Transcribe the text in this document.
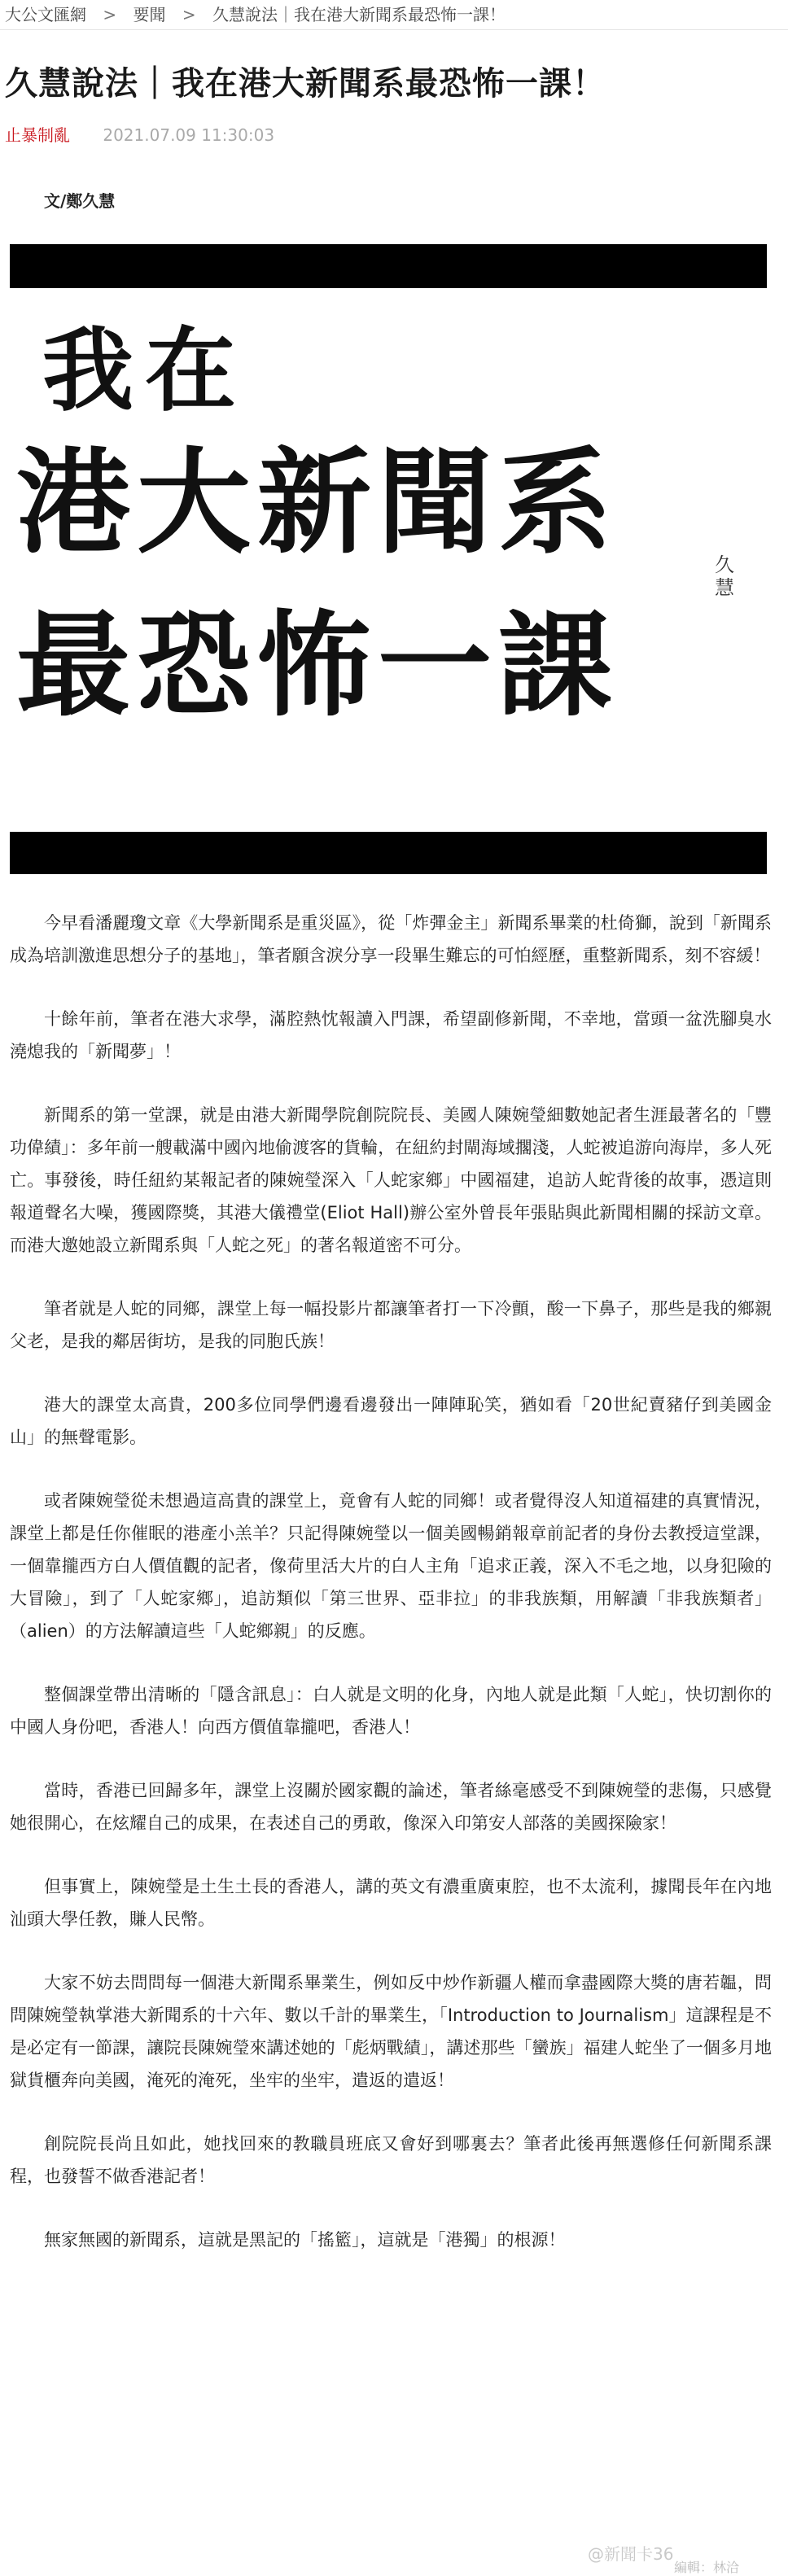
大公文匯網 > 要聞 > 久慧說法｜我在港大新聞系最恐怖一課！
久慧說法｜我在港大新聞系最恐怖一課！
止暴制亂 2021.07.09 11:30:03
文/鄭久慧
我在
港大新聞系
最恐怖一課
久慧

今早看潘麗瓊文章《大學新聞系是重災區》，從「炸彈金主」新聞系畢業的杜倚獅，說到「新聞系成為培訓激進思想分子的基地」，筆者願含淚分享一段畢生難忘的可怕經歷，重整新聞系，刻不容緩！

十餘年前，筆者在港大求學，滿腔熱忱報讀入門課，希望副修新聞，不幸地，當頭一盆洗腳臭水澆熄我的「新聞夢」！

新聞系的第一堂課，就是由港大新聞學院創院院長、美國人陳婉瑩細數她記者生涯最著名的「豐功偉績」：多年前一艘載滿中國內地偷渡客的貨輪，在紐約封閘海域擱淺，人蛇被追游向海岸，多人死亡。事發後，時任紐約某報記者的陳婉瑩深入「人蛇家鄉」中國福建，追訪人蛇背後的故事，憑這則報道聲名大噪，獲國際獎，其港大儀禮堂(Eliot Hall)辦公室外曾長年張貼與此新聞相關的採訪文章。而港大邀她設立新聞系與「人蛇之死」的著名報道密不可分。

筆者就是人蛇的同鄉，課堂上每一幅投影片都讓筆者打一下冷顫，酸一下鼻子，那些是我的鄉親父老，是我的鄰居街坊，是我的同胞氏族！

港大的課堂太高貴，200多位同學們邊看邊發出一陣陣恥笑，猶如看「20世紀賣豬仔到美國金山」的無聲電影。

或者陳婉瑩從未想過這高貴的課堂上，竟會有人蛇的同鄉！或者覺得沒人知道福建的真實情況，課堂上都是任你催眠的港產小羔羊？只記得陳婉瑩以一個美國暢銷報章前記者的身份去教授這堂課，一個靠攏西方白人價值觀的記者，像荷里活大片的白人主角「追求正義，深入不毛之地，以身犯險的大冒險」，到了「人蛇家鄉」，追訪類似「第三世界、亞非拉」的非我族類，用解讀「非我族類者」（alien）的方法解讀這些「人蛇鄉親」的反應。

整個課堂帶出清晰的「隱含訊息」：白人就是文明的化身，內地人就是此類「人蛇」，快切割你的中國人身份吧，香港人！向西方價值靠攏吧，香港人！

當時，香港已回歸多年，課堂上沒關於國家觀的論述，筆者絲毫感受不到陳婉瑩的悲傷，只感覺她很開心，在炫耀自己的成果，在表述自己的勇敢，像深入印第安人部落的美國探險家！

但事實上，陳婉瑩是土生土長的香港人，講的英文有濃重廣東腔，也不太流利，據聞長年在內地汕頭大學任教，賺人民幣。

大家不妨去問問每一個港大新聞系畢業生，例如反中炒作新疆人權而拿盡國際大獎的唐若韞，問問陳婉瑩執掌港大新聞系的十六年、數以千計的畢業生，「Introduction to Journalism」這課程是不是必定有一節課，讓院長陳婉瑩來講述她的「彪炳戰績」，講述那些「蠻族」福建人蛇坐了一個多月地獄貨櫃奔向美國，淹死的淹死，坐牢的坐牢，遣返的遣返！

創院院長尚且如此，她找回來的教職員班底又會好到哪裏去？筆者此後再無選修任何新聞系課程，也發誓不做香港記者！

無家無國的新聞系，這就是黑記的「搖籃」，這就是「港獨」的根源！

@新聞卡36
編輯：林洽
